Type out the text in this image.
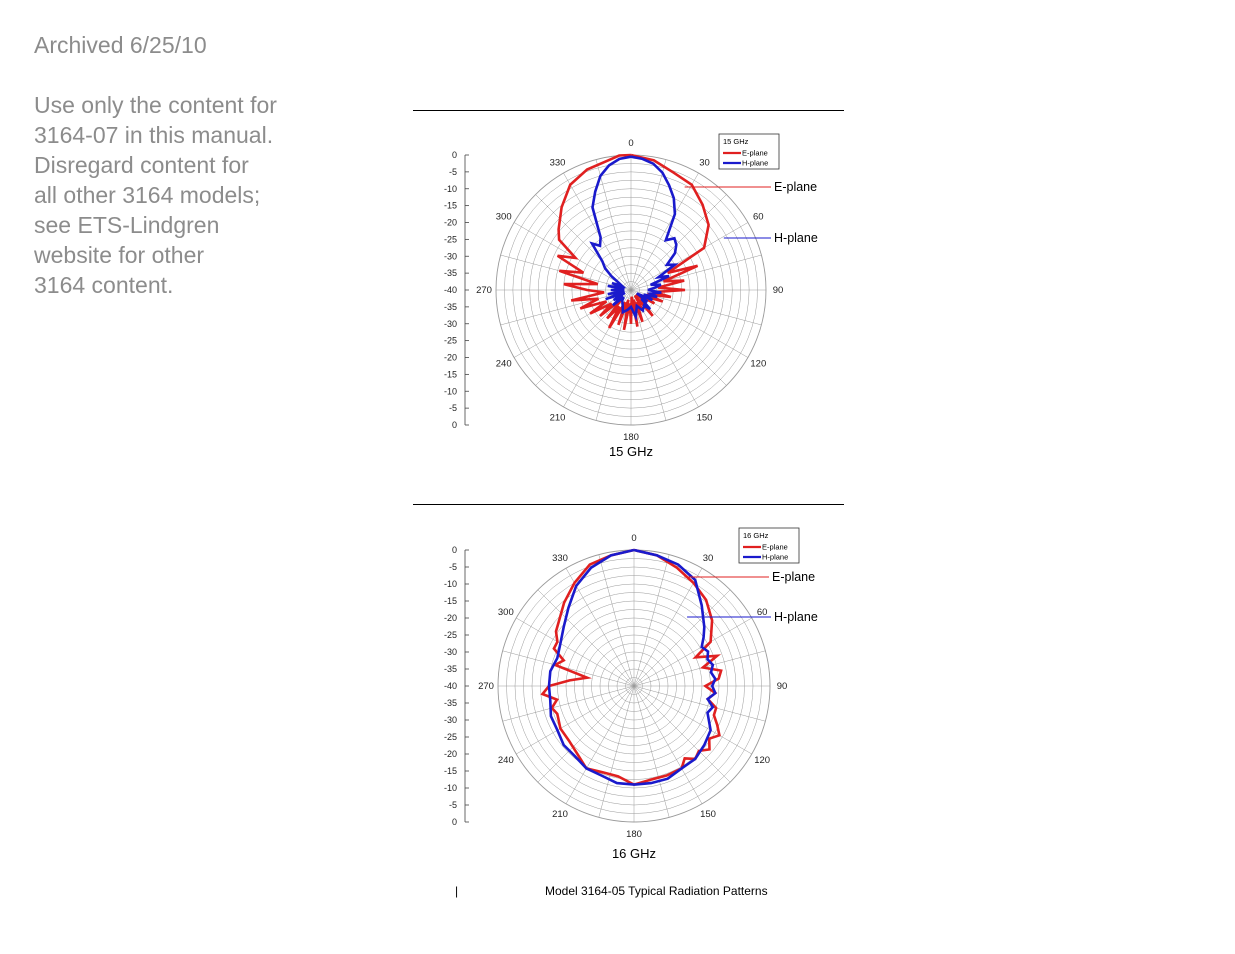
Archived 6/25/10
Use only the content for
3164-07 in this manual.
Disregard content for
all other 3164 models;
see ETS-Lindgren
website for other
3164 content.
0
30
60
90
120
150
180
210
240
270
300
330
0
-5
-10
-15
-20
-25
-30
-35
-40
-35
-30
-25
-20
-15
-10
-5
0
E-plane
H-plane
15 GHz
E-plane
H-plane
15 GHz
0
30
60
90
120
150
180
210
240
270
300
330
0
-5
-10
-15
-20
-25
-30
-35
-40
-35
-30
-25
-20
-15
-10
-5
0
E-plane
H-plane
16 GHz
E-plane
H-plane
16 GHz
|	Model 3164-05 Typical Radiation Patterns
